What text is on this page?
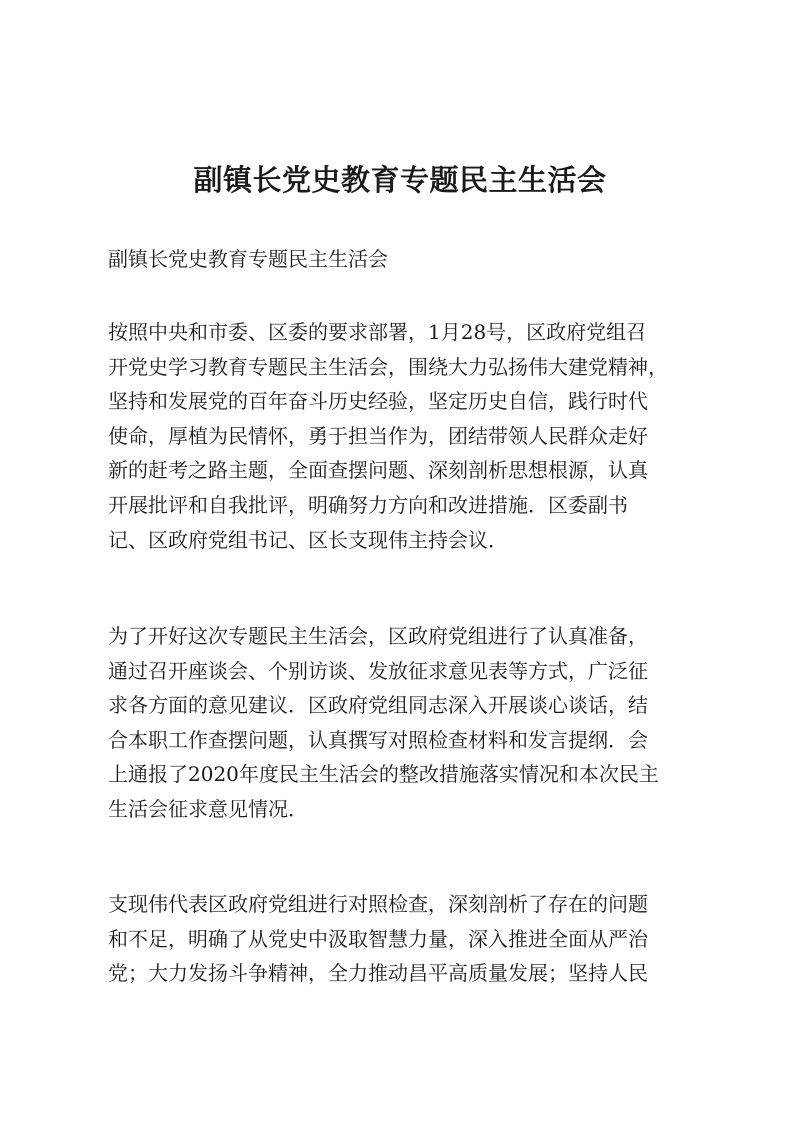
副镇长党史教育专题民主生活会

副镇长党史教育专题民主生活会

按照中央和市委、区委的要求部署，1月28号，区政府党组召
开党史学习教育专题民主生活会，围绕大力弘扬伟大建党精神，
坚持和发展党的百年奋斗历史经验，坚定历史自信，践行时代
使命，厚植为民情怀，勇于担当作为，团结带领人民群众走好
新的赶考之路主题，全面查摆问题、深刻剖析思想根源，认真
开展批评和自我批评，明确努力方向和改进措施．区委副书
记、区政府党组书记、区长支现伟主持会议．
为了开好这次专题民主生活会，区政府党组进行了认真准备，
通过召开座谈会、个别访谈、发放征求意见表等方式，广泛征
求各方面的意见建议．区政府党组同志深入开展谈心谈话，结
合本职工作查摆问题，认真撰写对照检查材料和发言提纲．会
上通报了2020年度民主生活会的整改措施落实情况和本次民主
生活会征求意见情况．
支现伟代表区政府党组进行对照检查，深刻剖析了存在的问题
和不足，明确了从党史中汲取智慧力量，深入推进全面从严治
党；大力发扬斗争精神，全力推动昌平高质量发展；坚持人民
